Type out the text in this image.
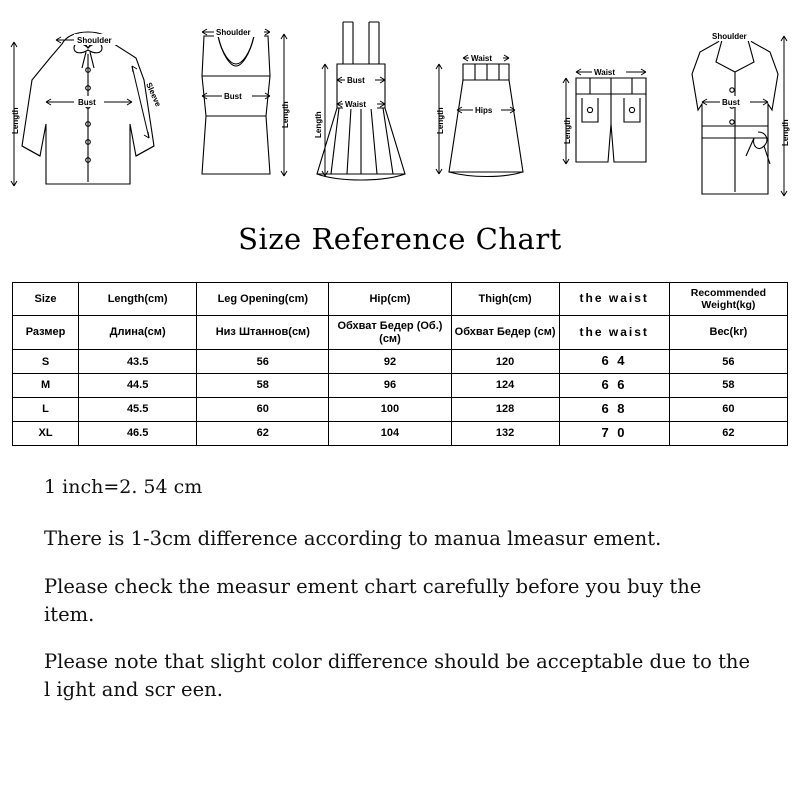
Shoulder
Bust	Sleeve
Length
Shoulder
Bust
Length
Bust
Waist
Length
Waist
Hips
Length
Waist
Length
Shoulder
Bust
Length
Size Reference Chart
Size	Length(cm)	Leg Opening(cm)	Hip(cm)	Thigh(cm)	the waist	Recommended Weight(kg)
Размер	Длина(см)	Низ Штаннов(см)	Обхват Бедер (Об.)(см)	Обхват Бедер (см)	the waist	Вес(kr)
S	43.5	56	92	120	6 4	56
M	44.5	58	96	124	6 6	58
L	45.5	60	100	128	6 8	60
XL	46.5	62	104	132	7 0	62

1 inch=2. 54 cm

There is 1-3cm difference according to manua lmeasur ement.

Please check the measur ement chart carefully before you buy the item.

Please note that slight color difference should be acceptable due to the l ight and scr een.
